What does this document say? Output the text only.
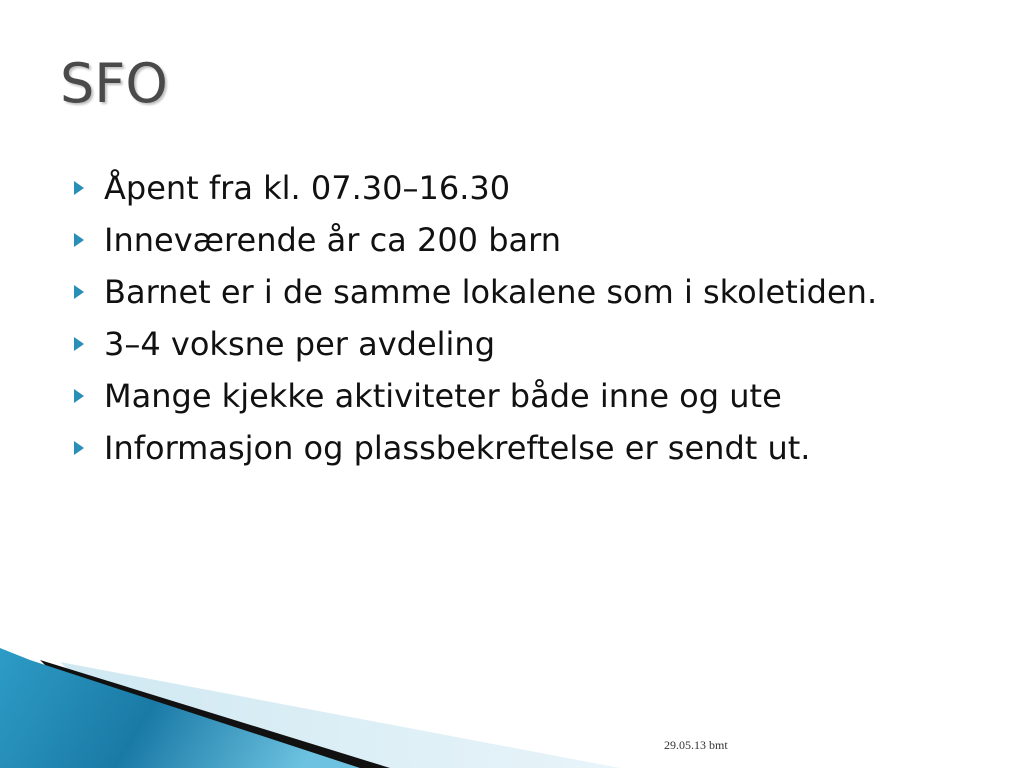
SFO
Åpent fra kl. 07.30–16.30
Inneværende år ca 200 barn
Barnet er i de samme lokalene som i skoletiden.
3–4 voksne per avdeling
Mange kjekke aktiviteter både inne og ute
Informasjon og plassbekreftelse er sendt ut.
29.05.13 bmt
